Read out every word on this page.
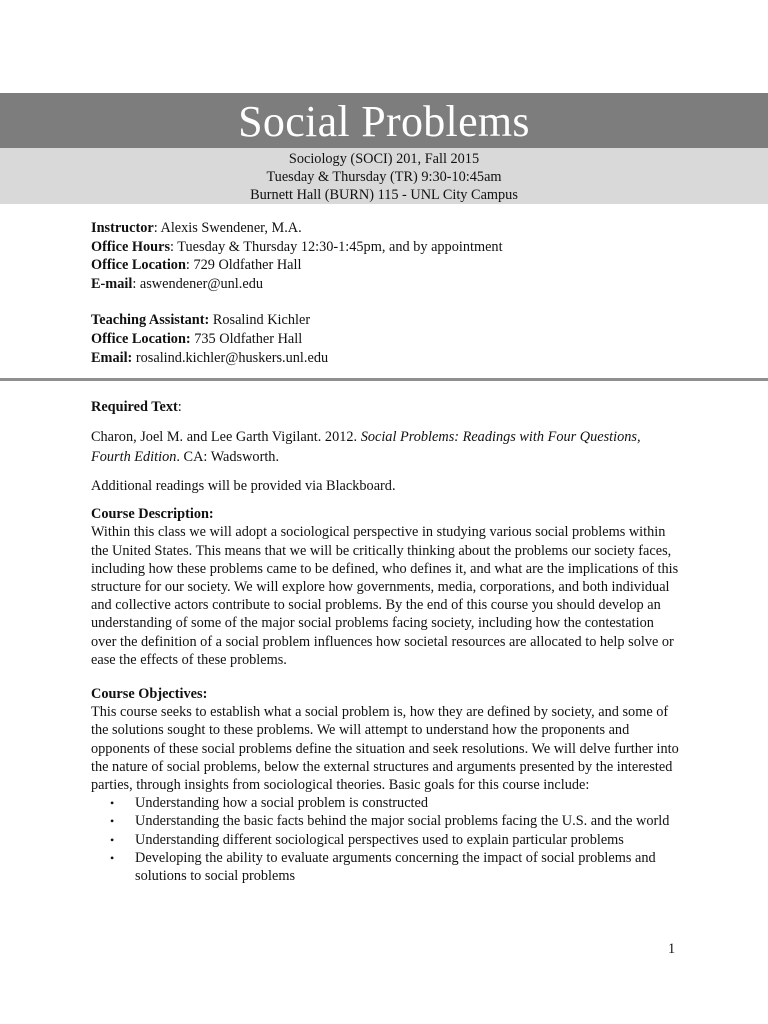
Social Problems
Sociology (SOCI) 201, Fall 2015
Tuesday & Thursday (TR) 9:30-10:45am
Burnett Hall (BURN) 115 - UNL City Campus
Instructor: Alexis Swendener, M.A.
Office Hours: Tuesday & Thursday 12:30-1:45pm, and by appointment
Office Location: 729 Oldfather Hall
E-mail: aswendener@unl.edu
Teaching Assistant: Rosalind Kichler
Office Location: 735 Oldfather Hall
Email: rosalind.kichler@huskers.unl.edu
Required Text:
Charon, Joel M. and Lee Garth Vigilant. 2012. Social Problems: Readings with Four Questions, Fourth Edition. CA: Wadsworth.
Additional readings will be provided via Blackboard.
Course Description:
Within this class we will adopt a sociological perspective in studying various social problems within the United States. This means that we will be critically thinking about the problems our society faces, including how these problems came to be defined, who defines it, and what are the implications of this structure for our society. We will explore how governments, media, corporations, and both individual and collective actors contribute to social problems. By the end of this course you should develop an understanding of some of the major social problems facing society, including how the contestation over the definition of a social problem influences how societal resources are allocated to help solve or ease the effects of these problems.
Course Objectives:
This course seeks to establish what a social problem is, how they are defined by society, and some of the solutions sought to these problems. We will attempt to understand how the proponents and opponents of these social problems define the situation and seek resolutions. We will delve further into the nature of social problems, below the external structures and arguments presented by the interested parties, through insights from sociological theories. Basic goals for this course include:
• Understanding how a social problem is constructed
• Understanding the basic facts behind the major social problems facing the U.S. and the world
• Understanding different sociological perspectives used to explain particular problems
• Developing the ability to evaluate arguments concerning the impact of social problems and solutions to social problems
1
